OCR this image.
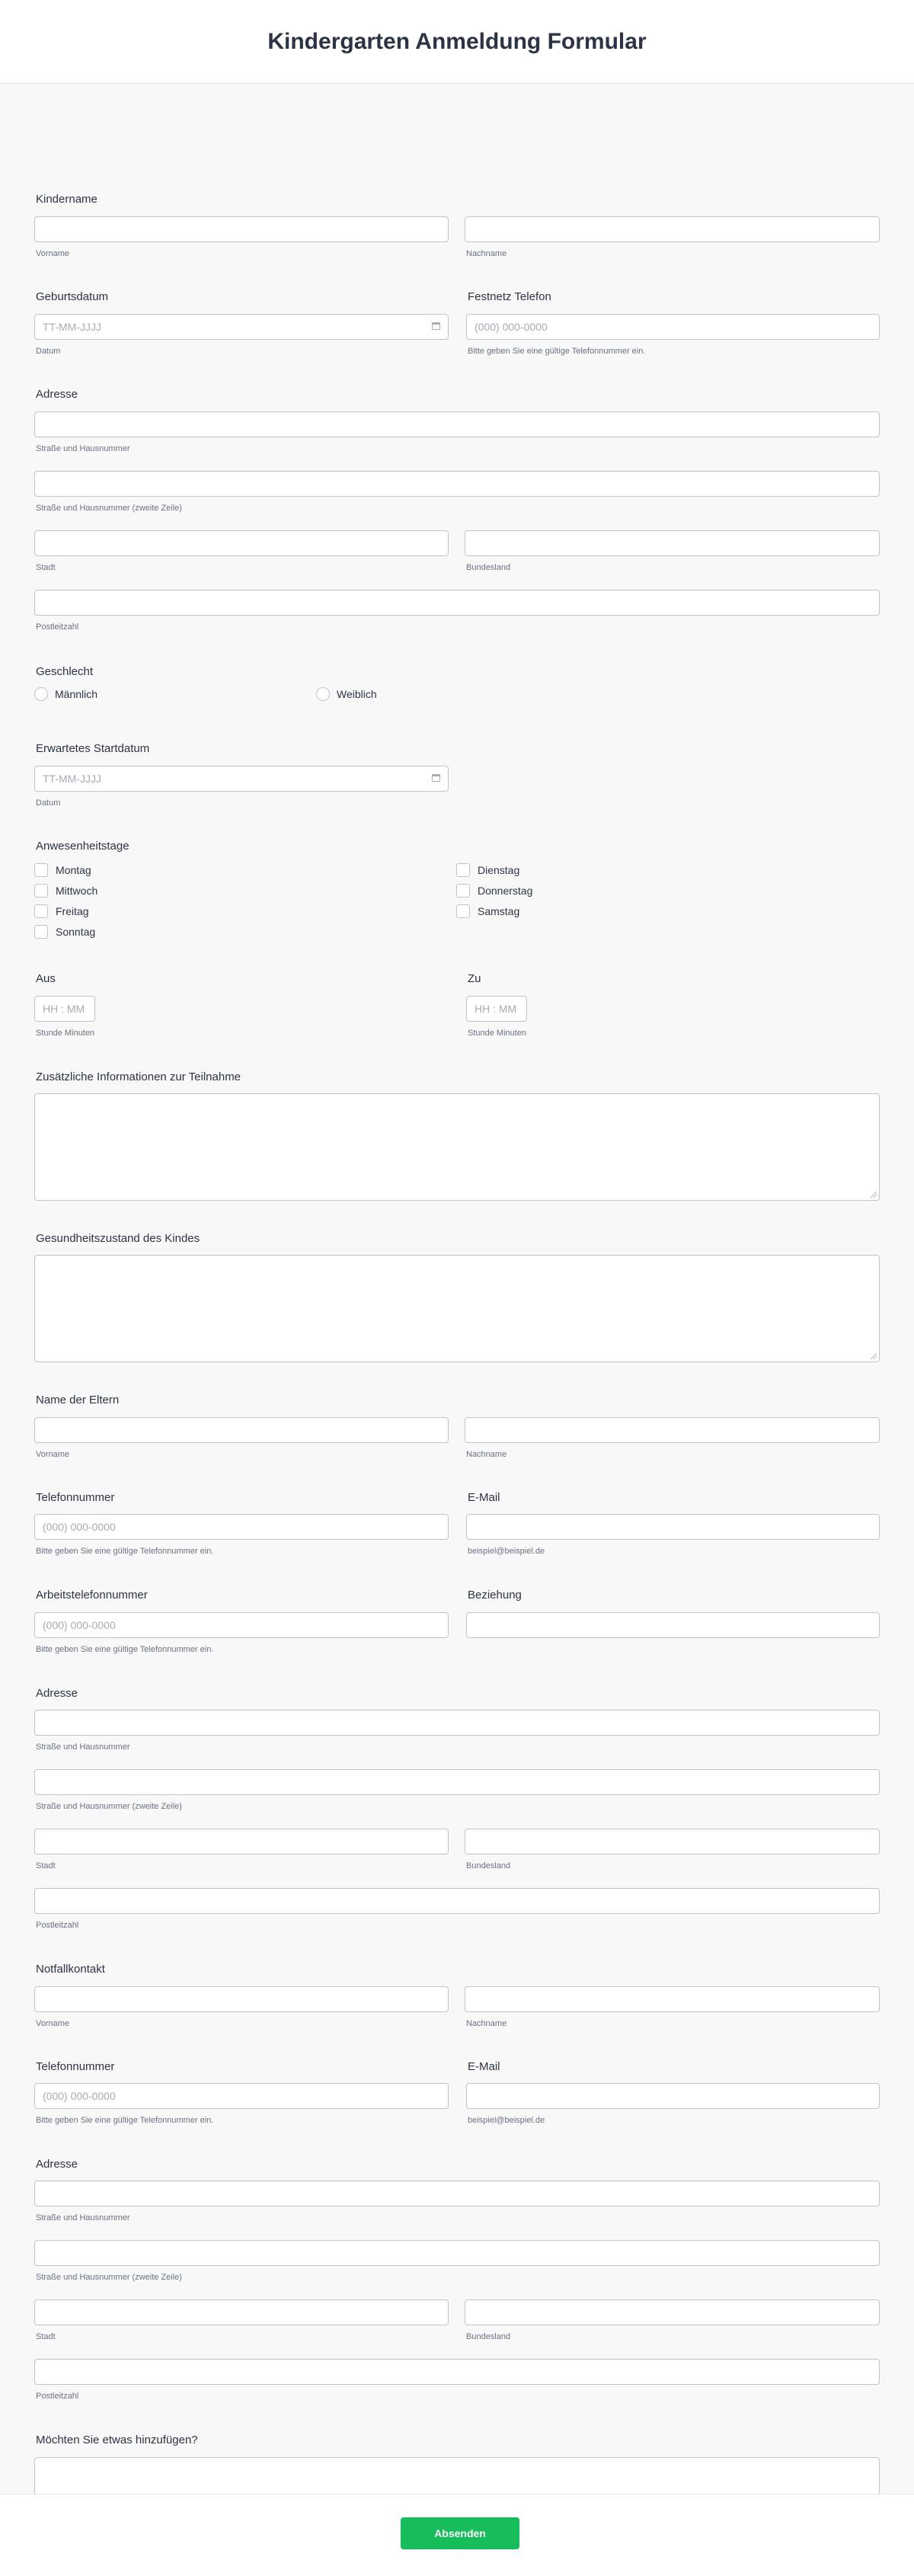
Kindergarten Anmeldung Formular
Kindername
Vorname	Nachname
Geburtsdatum
TT-MM-JJJJ
Datum
Festnetz Telefon
(000) 000-0000
Bitte geben Sie eine gültige Telefonnummer ein.
Adresse
Straße und Hausnummer
Straße und Hausnummer (zweite Zeile)
Stadt	Bundesland
Postleitzahl
Geschlecht
Männlich	Weiblich
Erwartetes Startdatum
TT-MM-JJJJ
Datum
Anwesenheitstage
Montag	Dienstag
Mittwoch	Donnerstag
Freitag	Samstag
Sonntag
Aus
HH : MM
Stunde Minuten
Zu
HH : MM
Stunde Minuten
Zusätzliche Informationen zur Teilnahme
Gesundheitszustand des Kindes
Name der Eltern
Vorname	Nachname
Telefonnummer
(000) 000-0000
Bitte geben Sie eine gültige Telefonnummer ein.
E-Mail
beispiel@beispiel.de
Arbeitstelefonnummer
(000) 000-0000
Bitte geben Sie eine gültige Telefonnummer ein.
Beziehung
Adresse
Straße und Hausnummer
Straße und Hausnummer (zweite Zeile)
Stadt	Bundesland
Postleitzahl
Notfallkontakt
Vorname	Nachname
Telefonnummer
(000) 000-0000
Bitte geben Sie eine gültige Telefonnummer ein.
E-Mail
beispiel@beispiel.de
Adresse
Straße und Hausnummer
Straße und Hausnummer (zweite Zeile)
Stadt	Bundesland
Postleitzahl
Möchten Sie etwas hinzufügen?
Absenden
